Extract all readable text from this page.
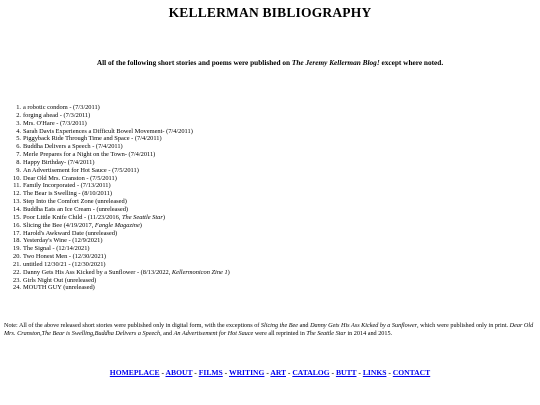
KELLERMAN BIBLIOGRAPHY
All of the following short stories and poems were published on The Jeremy Kellerman Blog! except where noted.
1. a robotic condom - (7/3/2011)
2. forging ahead - (7/3/2011)
3. Mrs. O'Hare - (7/3/2011)
4. Sarah Davis Experiences a Difficult Bowel Movement- (7/4/2011)
5. Piggyback Ride Through Time and Space - (7/4/2011)
6. Buddha Delivers a Speech - (7/4/2011)
7. Merle Prepares for a Night on the Town- (7/4/2011)
8. Happy Birthday- (7/4/2011)
9. An Advertisement for Hot Sauce - (7/5/2011)
10. Dear Old Mrs. Cranston - (7/5/2011)
11. Family Incorporated - (7/13/2011)
12. The Bear is Swelling - (8/10/2011)
13. Step Into the Comfort Zone (unreleased)
14. Buddha Eats an Ice Cream - (unreleased)
15. Poor Little Knife Child - (11/23/2016, The Seattle Star)
16. Slicing the Bee (4/19/2017, Fangle Magazine)
17. Harold's Awkward Date (unreleased)
18. Yesterday's Wine - (12/9/2021)
19. The Signal - (12/14/2021)
20. Two Honest Men - (12/30/2021)
21. untitled 12/30/21 - (12/30/2021)
22. Danny Gets His Ass Kicked by a Sunflower - (8/13/2022, Kellermonicon Zine 1)
23. Girls Night Out (unreleased)
24. MOUTH GUY (unreleased)
Note: All of the above released short stories were published only in digital form, with the exceptions of Slicing the Bee and Danny Gets His Ass Kicked by a Sunflower, which were published only in print. Dear Old Mrs. Cranston,The Bear is Swelling,Buddha Delivers a Speech, and An Advertisement for Hot Sauce were all reprinted in The Seattle Star in 2014 and 2015.
HOMEPLACE - ABOUT - FILMS - WRITING - ART - CATALOG - BUTT - LINKS - CONTACT
